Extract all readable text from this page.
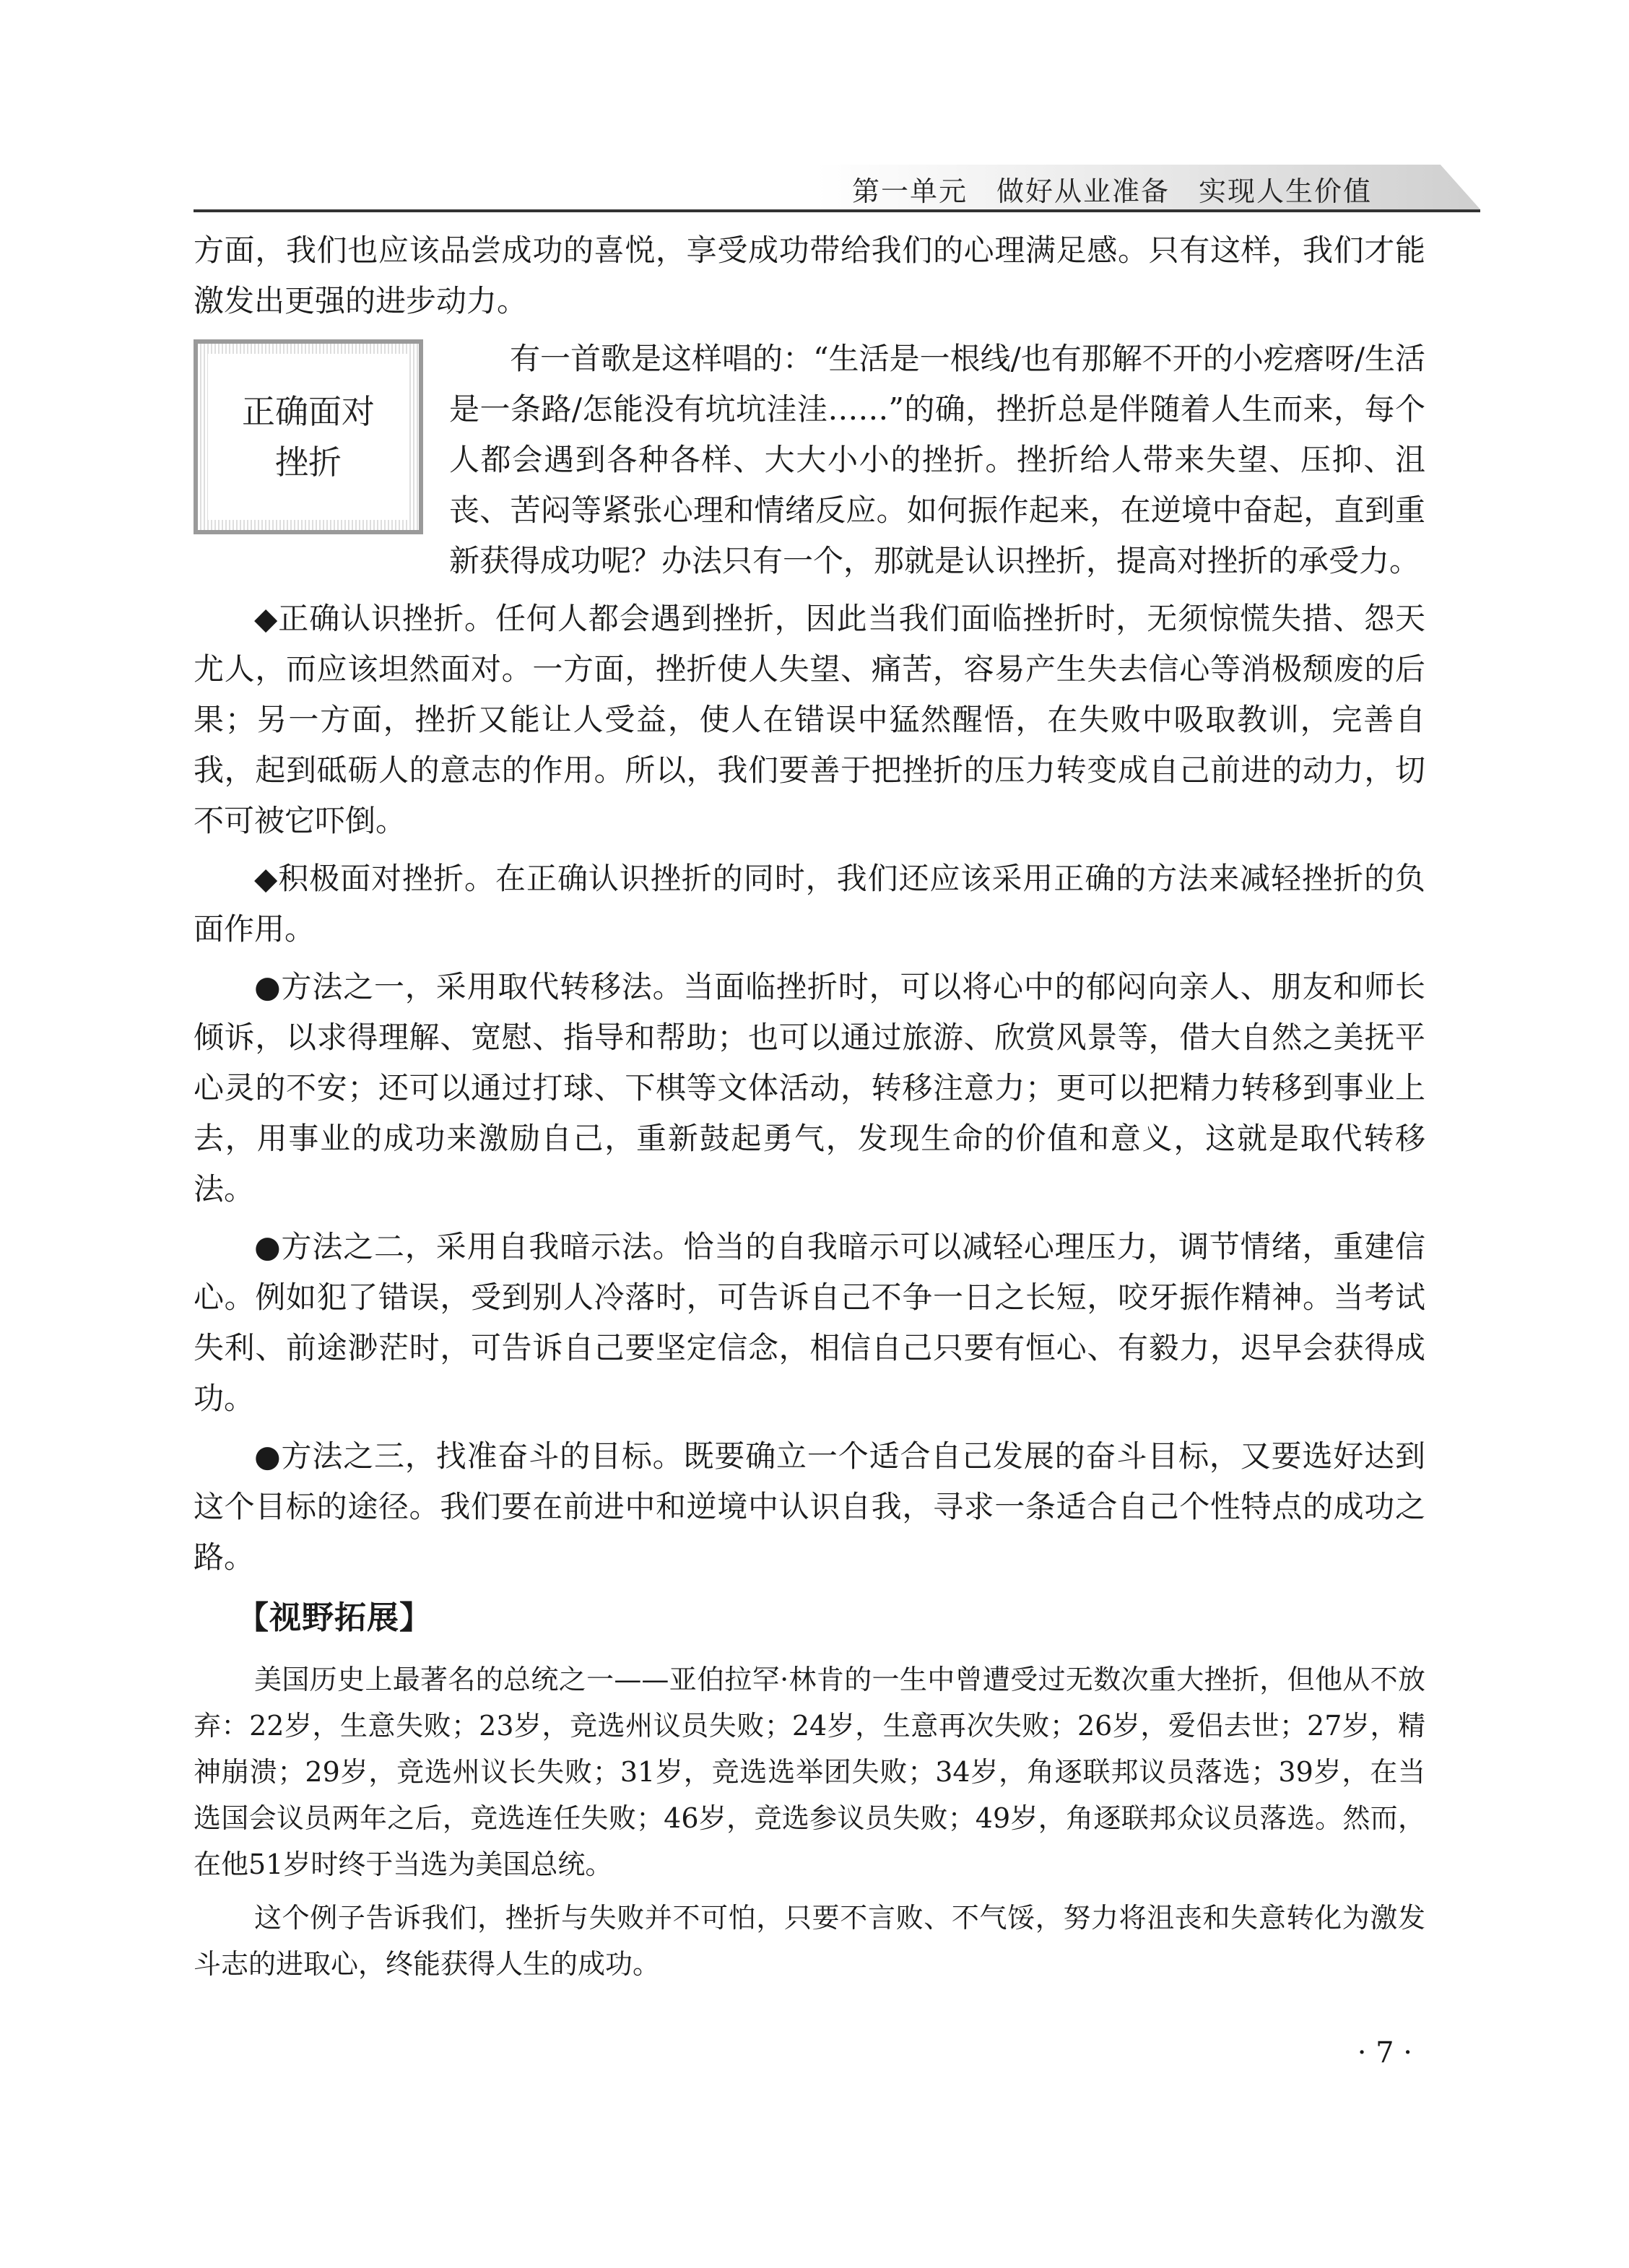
第一单元　做好从业准备　实现人生价值

方面，我们也应该品尝成功的喜悦，享受成功带给我们的心理满足感。只有这样，我们才能激发出更强的进步动力。

正确面对
挫折

有一首歌是这样唱的：“生活是一根线/也有那解不开的小疙瘩呀/生活是一条路/怎能没有坑坑洼洼……”的确，挫折总是伴随着人生而来，每个人都会遇到各种各样、大大小小的挫折。挫折给人带来失望、压抑、沮丧、苦闷等紧张心理和情绪反应。如何振作起来，在逆境中奋起，直到重新获得成功呢？办法只有一个，那就是认识挫折，提高对挫折的承受力。

◆正确认识挫折。任何人都会遇到挫折，因此当我们面临挫折时，无须惊慌失措、怨天尤人，而应该坦然面对。一方面，挫折使人失望、痛苦，容易产生失去信心等消极颓废的后果；另一方面，挫折又能让人受益，使人在错误中猛然醒悟，在失败中吸取教训，完善自我，起到砥砺人的意志的作用。所以，我们要善于把挫折的压力转变成自己前进的动力，切不可被它吓倒。

◆积极面对挫折。在正确认识挫折的同时，我们还应该采用正确的方法来减轻挫折的负面作用。

●方法之一，采用取代转移法。当面临挫折时，可以将心中的郁闷向亲人、朋友和师长倾诉，以求得理解、宽慰、指导和帮助；也可以通过旅游、欣赏风景等，借大自然之美抚平心灵的不安；还可以通过打球、下棋等文体活动，转移注意力；更可以把精力转移到事业上去，用事业的成功来激励自己，重新鼓起勇气，发现生命的价值和意义，这就是取代转移法。

●方法之二，采用自我暗示法。恰当的自我暗示可以减轻心理压力，调节情绪，重建信心。例如犯了错误，受到别人冷落时，可告诉自己不争一日之长短，咬牙振作精神。当考试失利、前途渺茫时，可告诉自己要坚定信念，相信自己只要有恒心、有毅力，迟早会获得成功。

●方法之三，找准奋斗的目标。既要确立一个适合自己发展的奋斗目标，又要选好达到这个目标的途径。我们要在前进中和逆境中认识自我，寻求一条适合自己个性特点的成功之路。

【视野拓展】

美国历史上最著名的总统之一——亚伯拉罕·林肯的一生中曾遭受过无数次重大挫折，但他从不放弃：22岁，生意失败；23岁，竞选州议员失败；24岁，生意再次失败；26岁，爱侣去世；27岁，精神崩溃；29岁，竞选州议长失败；31岁，竞选选举团失败；34岁，角逐联邦议员落选；39岁，在当选国会议员两年之后，竞选连任失败；46岁，竞选参议员失败；49岁，角逐联邦众议员落选。然而，在他51岁时终于当选为美国总统。

这个例子告诉我们，挫折与失败并不可怕，只要不言败、不气馁，努力将沮丧和失意转化为激发斗志的进取心，终能获得人生的成功。

· 7 ·
